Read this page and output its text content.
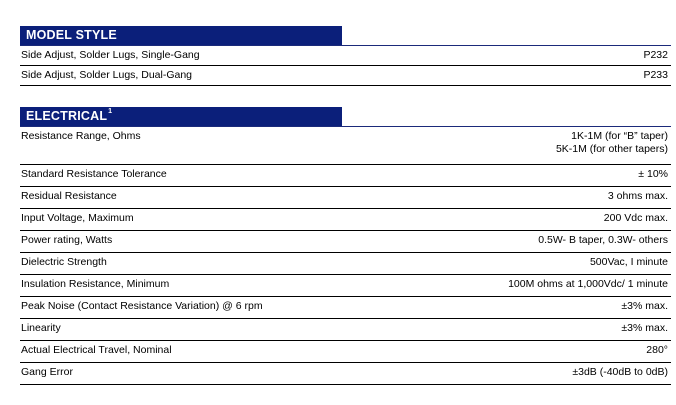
MODEL STYLE
Side Adjust, Solder Lugs, Single-Gang	P232
Side Adjust, Solder Lugs, Dual-Gang	P233
ELECTRICAL$^1$
Resistance Range, Ohms	1K-1M (for “B” taper)
5K-1M (for other tapers)
Standard Resistance Tolerance	± 10%
Residual Resistance	3 ohms max.
Input Voltage, Maximum	200 Vdc max.
Power rating, Watts	0.5W- B taper, 0.3W- others
Dielectric Strength	500Vac, I minute
Insulation Resistance, Minimum	100M ohms at 1,000Vdc/ 1 minute
Peak Noise (Contact Resistance Variation) @ 6 rpm	±3% max.
Linearity	±3% max.
Actual Electrical Travel, Nominal	280°
Gang Error	±3dB (-40dB to 0dB)
